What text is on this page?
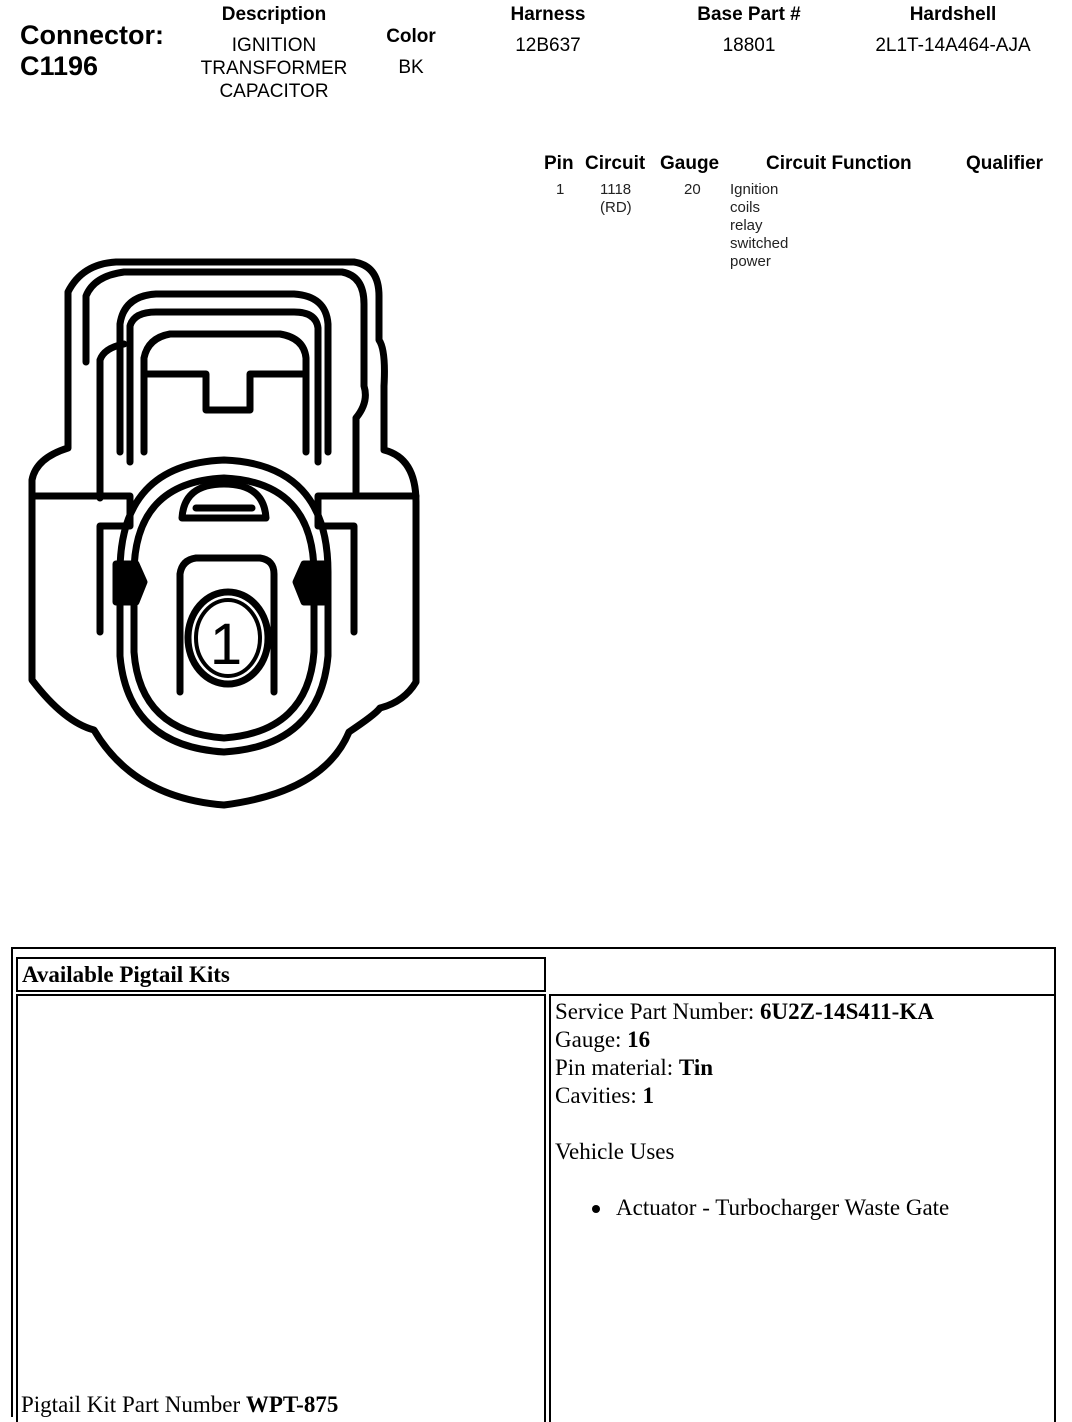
Connector:
C1196
Description
IGNITION
TRANSFORMER
CAPACITOR
Color
BK
Harness
12B637
Base Part #
18801
Hardshell
2L1T-14A464-AJA
Pin Circuit Gauge Circuit Function	Qualifier
1 1118
(RD)
20 Ignition coils relay switched
power
1
Available Pigtail Kits
Pigtail Kit Part Number WPT-875
Service Part Number: 6U2Z-14S411-KA
Gauge: 16
Pin material: Tin
Cavities: 1
Vehicle Uses
Actuator - Turbocharger Waste Gate
